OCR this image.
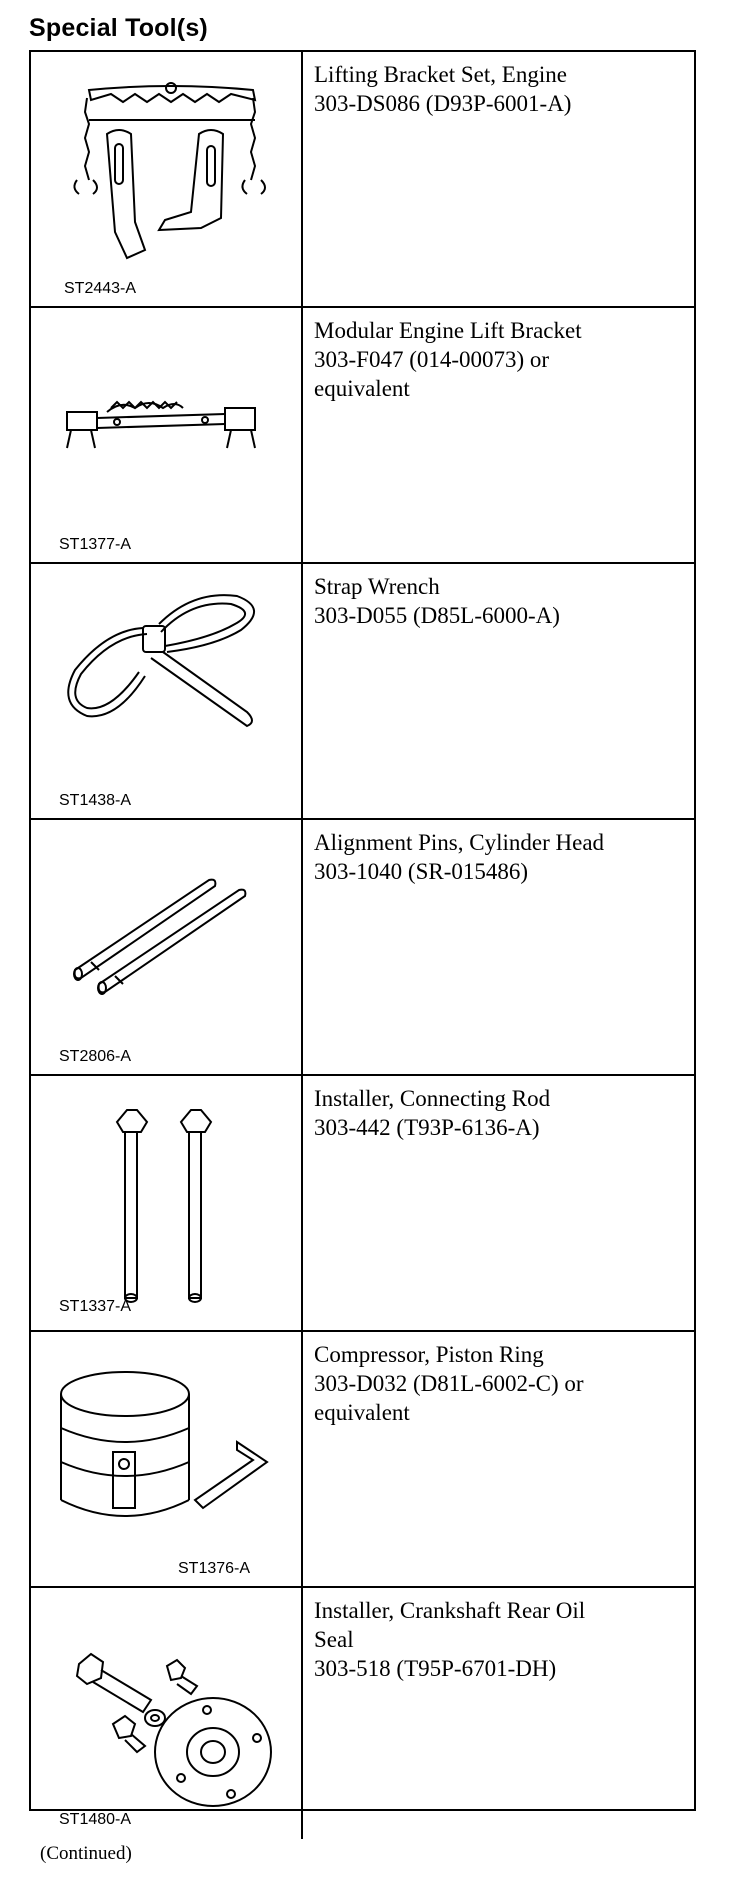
Special Tool(s)
ST2443-A
Lifting Bracket Set, Engine
303-DS086 (D93P-6001-A)
ST1377-A
Modular Engine Lift Bracket
303-F047 (014-00073) or
equivalent
ST1438-A
Strap Wrench
303-D055 (D85L-6000-A)
ST2806-A
Alignment Pins, Cylinder Head
303-1040 (SR-015486)
ST1337-A
Installer, Connecting Rod
303-442 (T93P-6136-A)
ST1376-A
Compressor, Piston Ring
303-D032 (D81L-6002-C) or
equivalent
ST1480-A
Installer, Crankshaft Rear Oil
Seal
303-518 (T95P-6701-DH)
(Continued)
